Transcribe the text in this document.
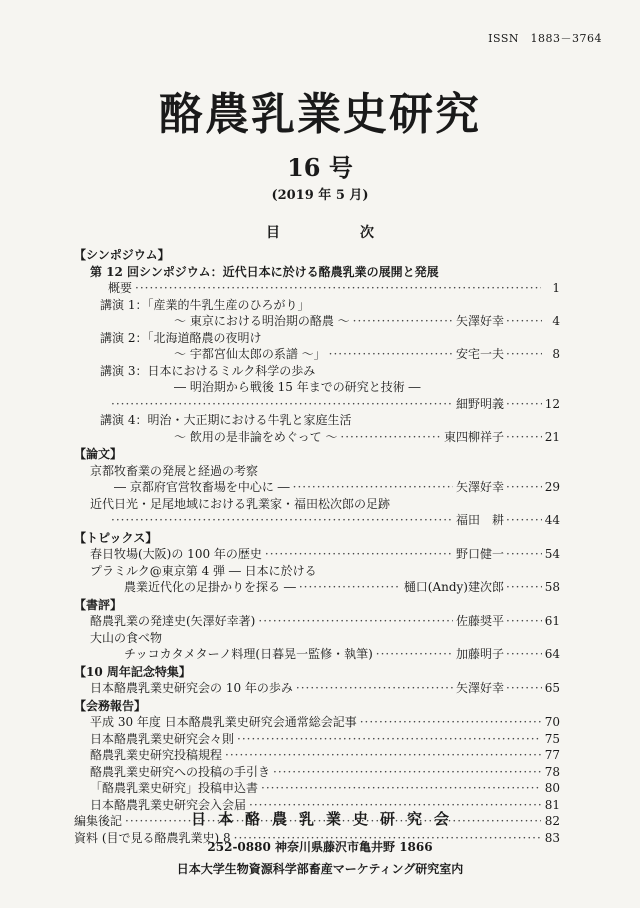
ISSN　1883－3764
酪農乳業史研究
16 号
(2019 年 5 月)
目次
【シンポジウム】
第 12 回シンポジウム：近代日本に於ける酪農乳業の展開と発展
概要 ·····	1
講演 1：「産業的牛乳生産のひろがり」
～ 東京における明治期の酪農 ～ ·····	矢澤好幸 ·····	4
講演 2：「北海道酪農の夜明け
～ 宇都宮仙太郎の系譜 ～」 ·····	安宅一夫 ·····	8
講演 3：日本におけるミルク科学の歩み
― 明治期から戦後 15 年までの研究と技術 ―
·····
細野明義 ·····	12
講演 4：明治・大正期における牛乳と家庭生活
～ 飲用の是非論をめぐって ～ ·····	東四柳祥子 ·····	21
【論文】
京都牧畜業の発展と経過の考察
― 京都府官営牧畜場を中心に ― ·····	矢澤好幸 ·····	29
近代日光・足尾地域における乳業家・福田松次郎の足跡
·····
福田　耕 ·····	44
【トピックス】
春日牧場(大阪)の 100 年の歴史 ·····	野口健一 ·····	54
プラミルク@東京第 4 弾 ― 日本に於ける
農業近代化の足掛かりを探る ― ·····	樋口(Andy)建次郎 ·····	58
【書評】
酪農乳業の発達史(矢澤好幸著) ·····	佐藤奨平 ·····	61
大山の食べ物
チッコカタメターノ料理(日暮晃一監修・執筆) ·····	加藤明子 ·····	64
【10 周年記念特集】
日本酪農乳業史研究会の 10 年の歩み ·····	矢澤好幸 ·····	65
【会務報告】
平成 30 年度 日本酪農乳業史研究会通常総会記事 ·····	70
日本酪農乳業史研究会々則 ·····	75
酪農乳業史研究投稿規程 ·····	77
酪農乳業史研究への投稿の手引き ·····	78
「酪農乳業史研究」投稿申込書 ·····	80
日本酪農乳業史研究会入会届 ·····	81
編集後記 ·····	82
資料 (目で見る酪農乳業史) 8 ·····	83
日本酪農乳業史研究会
252-0880 神奈川県藤沢市亀井野 1866
日本大学生物資源科学部畜産マーケティング研究室内
